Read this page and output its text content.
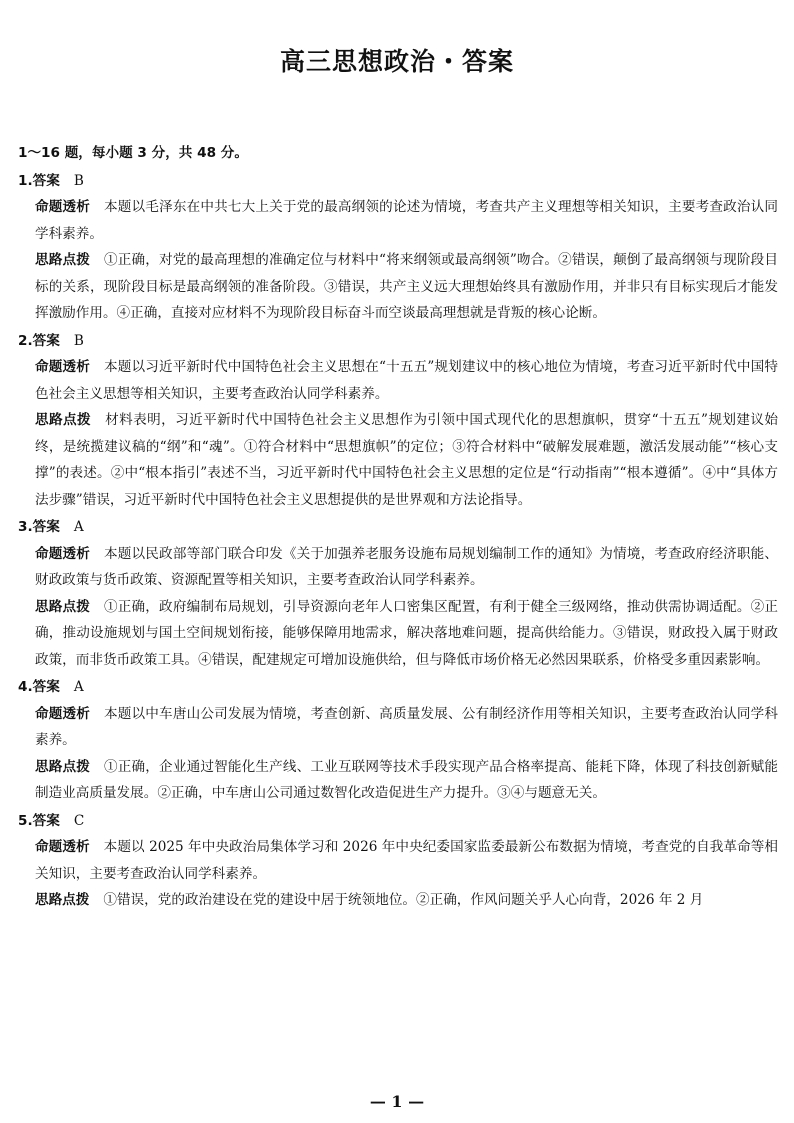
高三思想政治・答案
1～16 题，每小题 3 分，共 48 分。
1.答案 B
命题透析 本题以毛泽东在中共七大上关于党的最高纲领的论述为情境，考查共产主义理想等相关知识，主要考查政治认同学科素养。
思路点拨 ①正确，对党的最高理想的准确定位与材料中“将来纲领或最高纲领”吻合。②错误，颠倒了最高纲领与现阶段目标的关系，现阶段目标是最高纲领的准备阶段。③错误，共产主义远大理想始终具有激励作用，并非只有目标实现后才能发挥激励作用。④正确，直接对应材料不为现阶段目标奋斗而空谈最高理想就是背叛的核心论断。
2.答案 B
命题透析 本题以习近平新时代中国特色社会主义思想在“十五五”规划建议中的核心地位为情境，考查习近平新时代中国特色社会主义思想等相关知识，主要考查政治认同学科素养。
思路点拨 材料表明，习近平新时代中国特色社会主义思想作为引领中国式现代化的思想旗帜，贯穿“十五五”规划建议始终，是统揽建议稿的“纲”和“魂”。①符合材料中“思想旗帜”的定位；③符合材料中“破解发展难题，激活发展动能”“核心支撑”的表述。②中“根本指引”表述不当，习近平新时代中国特色社会主义思想的定位是“行动指南”“根本遵循”。④中“具体方法步骤”错误，习近平新时代中国特色社会主义思想提供的是世界观和方法论指导。
3.答案 A
命题透析 本题以民政部等部门联合印发《关于加强养老服务设施布局规划编制工作的通知》为情境，考查政府经济职能、财政政策与货币政策、资源配置等相关知识，主要考查政治认同学科素养。
思路点拨 ①正确，政府编制布局规划，引导资源向老年人口密集区配置，有利于健全三级网络，推动供需协调适配。②正确，推动设施规划与国土空间规划衔接，能够保障用地需求，解决落地难问题，提高供给能力。③错误，财政投入属于财政政策，而非货币政策工具。④错误，配建规定可增加设施供给，但与降低市场价格无必然因果联系，价格受多重因素影响。
4.答案 A
命题透析 本题以中车唐山公司发展为情境，考查创新、高质量发展、公有制经济作用等相关知识，主要考查政治认同学科素养。
思路点拨 ①正确，企业通过智能化生产线、工业互联网等技术手段实现产品合格率提高、能耗下降，体现了科技创新赋能制造业高质量发展。②正确，中车唐山公司通过数智化改造促进生产力提升。③④与题意无关。
5.答案 C
命题透析 本题以 2025 年中央政治局集体学习和 2026 年中央纪委国家监委最新公布数据为情境，考查党的自我革命等相关知识，主要考查政治认同学科素养。
思路点拨 ①错误，党的政治建设在党的建设中居于统领地位。②正确，作风问题关乎人心向背，2026 年 2 月
— 1 —
